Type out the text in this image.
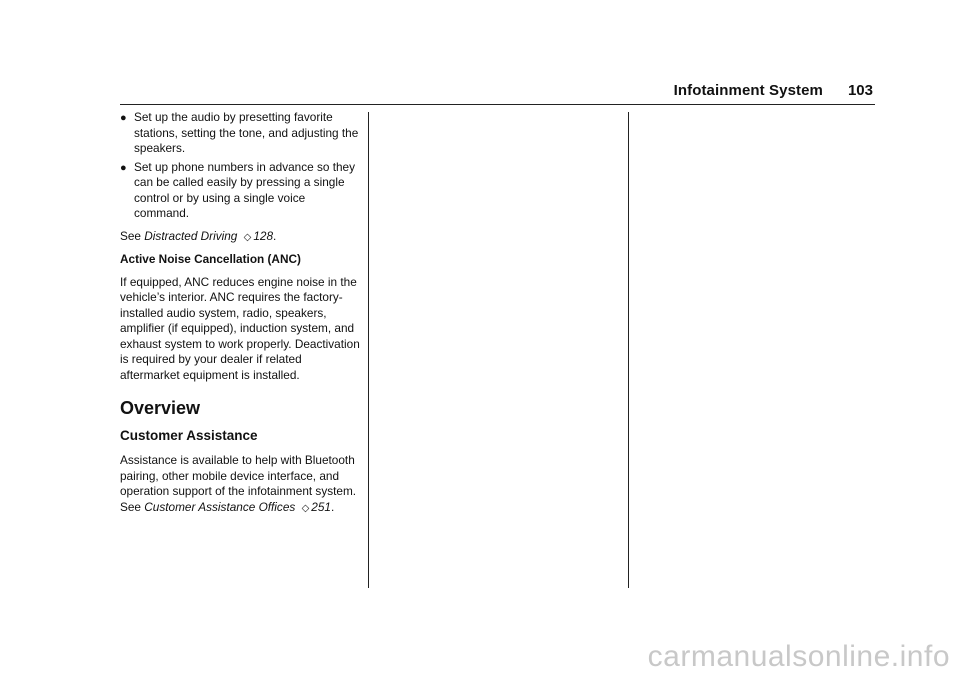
Infotainment System 103
● Set up the audio by presetting favorite stations, setting the tone, and adjusting the speakers.
● Set up phone numbers in advance so they can be called easily by pressing a single control or by using a single voice command.

See Distracted Driving ◇ 128.

Active Noise Cancellation (ANC)

If equipped, ANC reduces engine noise in the vehicle’s interior. ANC requires the factory-installed audio system, radio, speakers, amplifier (if equipped), induction system, and exhaust system to work properly. Deactivation is required by your dealer if related aftermarket equipment is installed.

Overview
Customer Assistance

Assistance is available to help with Bluetooth pairing, other mobile device interface, and operation support of the infotainment system. See Customer Assistance Offices ◇ 251.

carmanualsonline.info
